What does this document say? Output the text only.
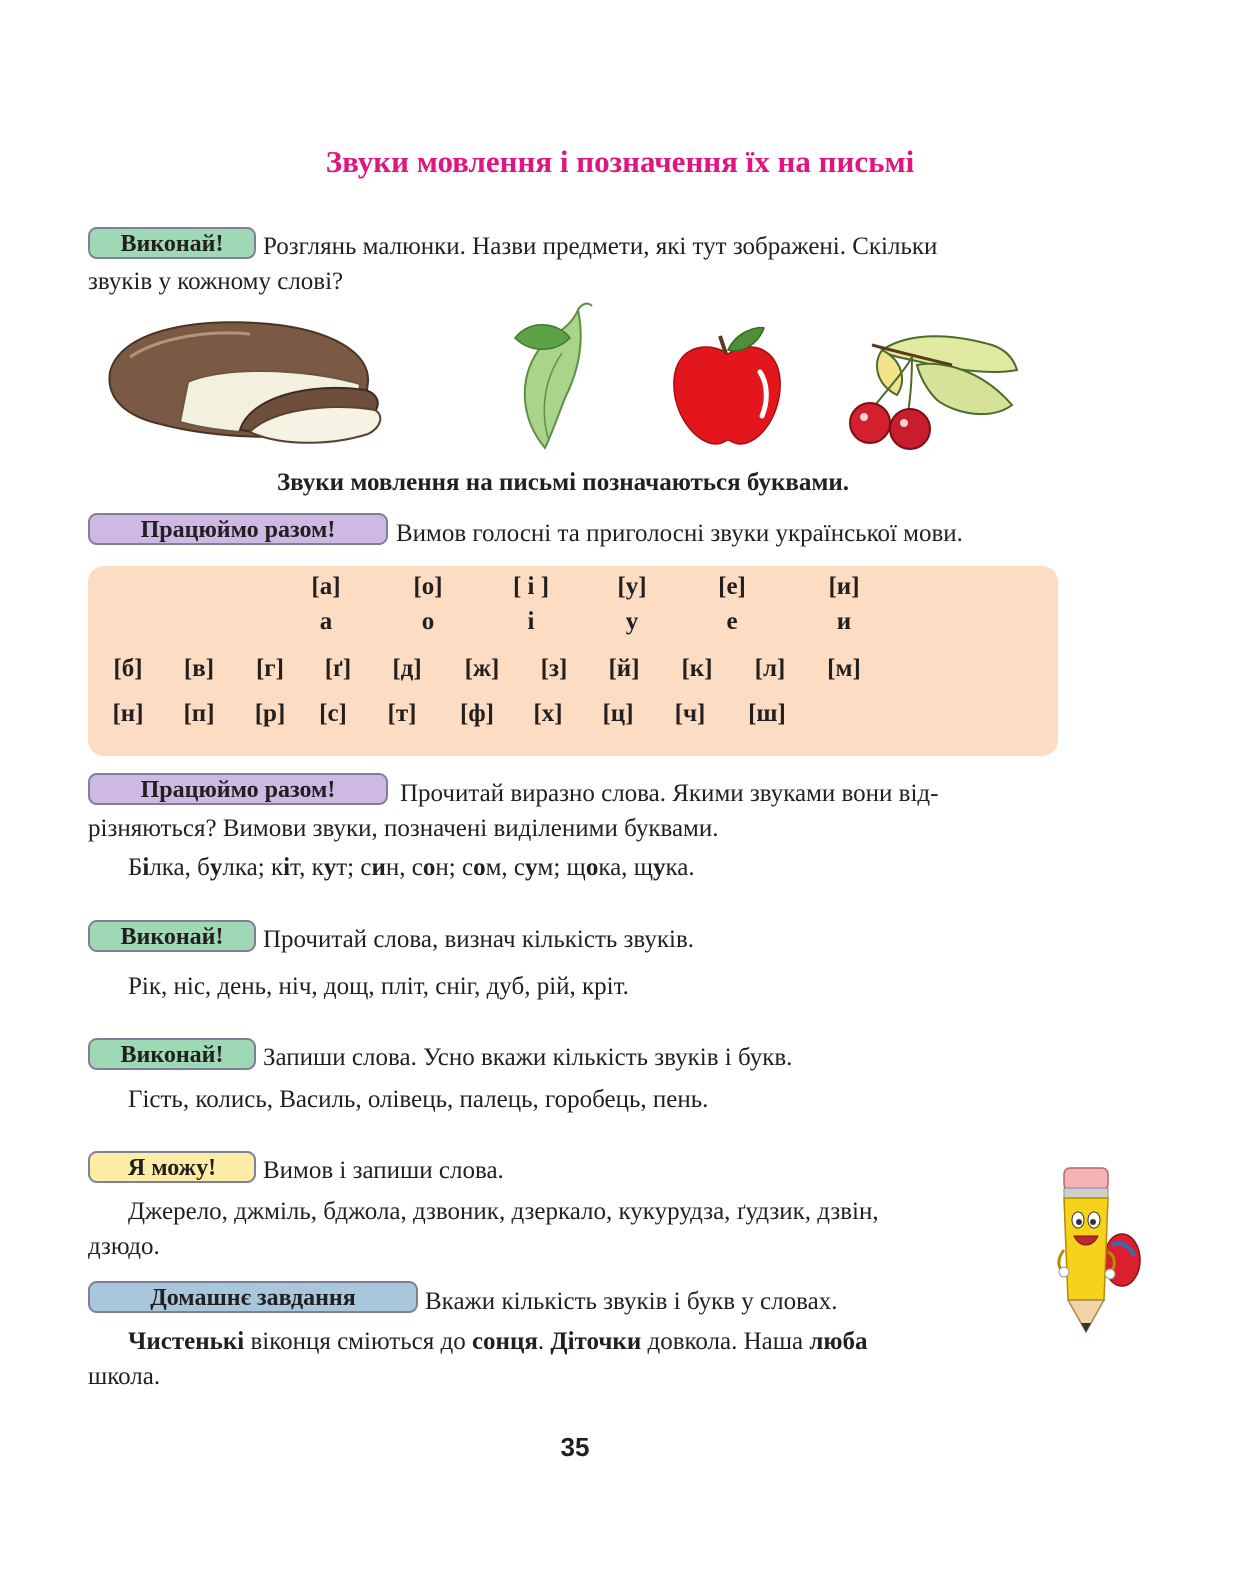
Звуки мовлення і позначення їх на письмі
Виконай!	Розглянь малюнки. Назви предмети, які тут зображені. Скільки
звуків у кожному слові?
Звуки мовлення на письмі позначаються буквами.
Працюймо разом!	Вимов голосні та приголосні звуки української мови.
[а]	[о]	[ і ]	[у]	[е]	[и]
а	о	і	у	е	и
[б]	[в]	[г]	[ґ]	[д]	[ж]	[з]	[й]	[к]	[л]	[м]
[н]	[п]	[р]	[с]	[т]	[ф]	[х]	[ц]	[ч]	[ш]
Працюймо разом!	Прочитай виразно слова. Якими звуками вони від-
різняються? Вимови звуки, позначені виділеними буквами.
Білка, булка; кіт, кут; син, сон; сом, сум; щока, щука.
Виконай!	Прочитай слова, визнач кількість звуків.
Рік, ніс, день, ніч, дощ, пліт, сніг, дуб, рій, кріт.
Виконай!	Запиши слова. Усно вкажи кількість звуків і букв.
Гість, колись, Василь, олівець, палець, горобець, пень.
Я можу!	Вимов і запиши слова.
Джерело, джміль, бджола, дзвоник, дзеркало, кукурудза, ґудзик, дзвін,
дзюдо.
Домашнє завдання	Вкажи кількість звуків і букв у словах.
Чистенькі віконця сміються до сонця. Діточки довкола. Наша люба
школа.
35
